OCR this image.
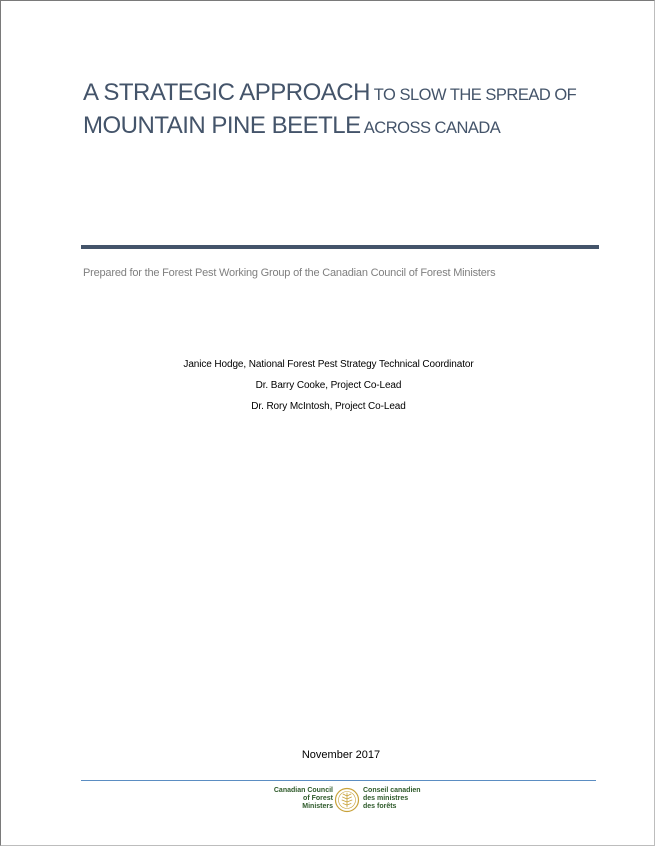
A STRATEGIC APPROACH TO SLOW THE SPREAD OF
MOUNTAIN PINE BEETLE ACROSS CANADA
Prepared for the Forest Pest Working Group of the Canadian Council of Forest Ministers
Janice Hodge, National Forest Pest Strategy Technical Coordinator
Dr. Barry Cooke, Project Co-Lead
Dr. Rory McIntosh, Project Co-Lead
November 2017
Canadian Council
of Forest
Ministers
Conseil canadien
des ministres
des forêts
